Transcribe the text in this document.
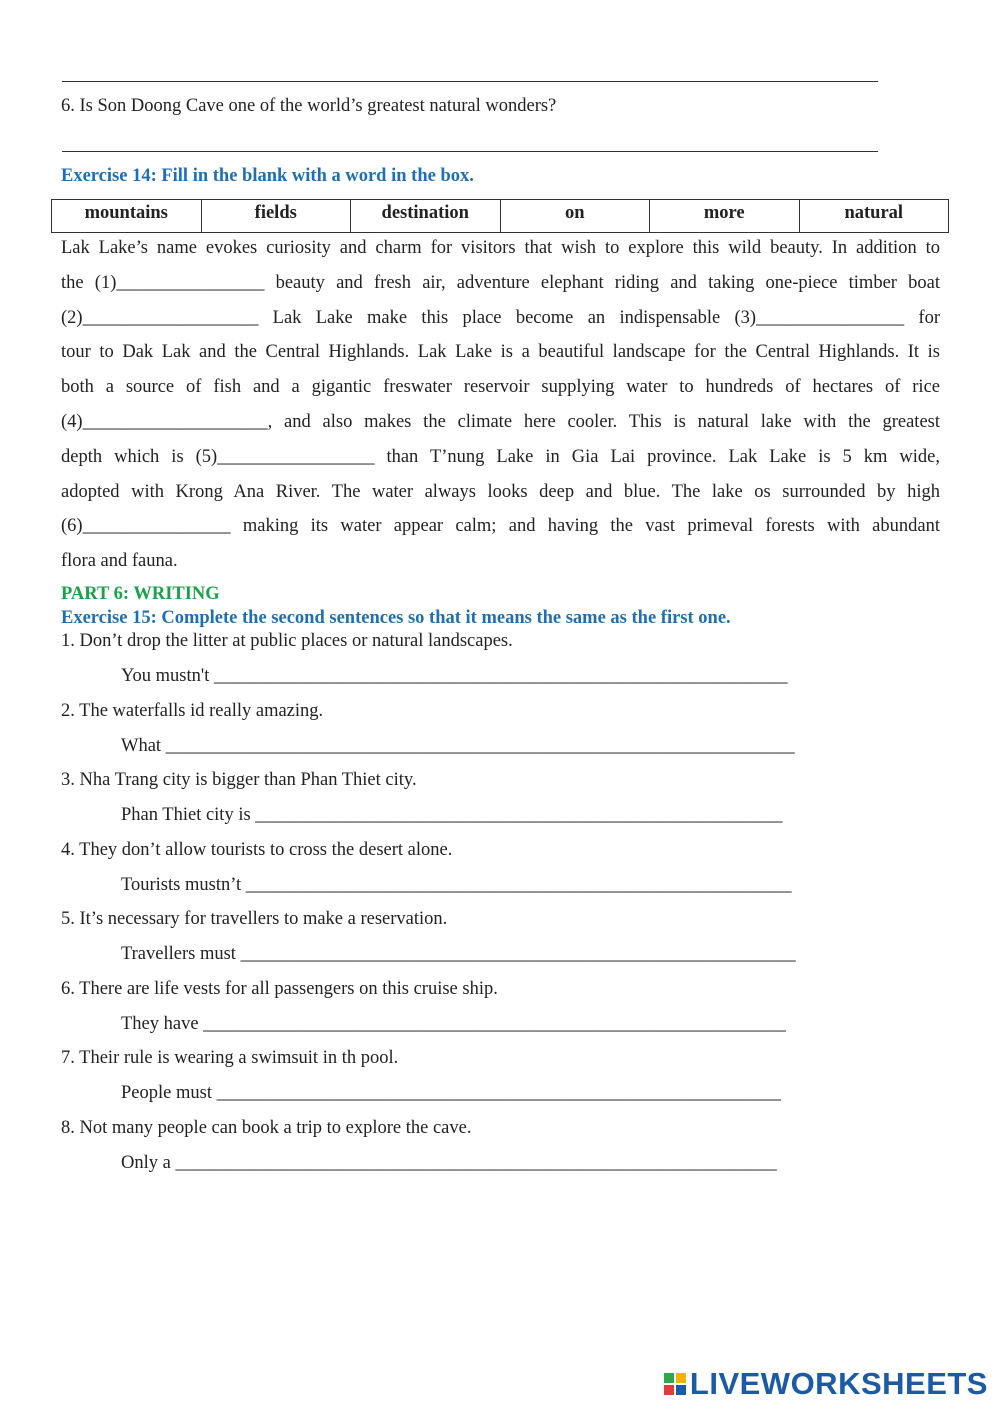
6. Is Son Doong Cave one of the world’s greatest natural wonders?
Exercise 14: Fill in the blank with a word in the box.
mountains	fields	destination	on	more	natural
Lak Lake’s name evokes curiosity and charm for visitors that wish to explore this wild beauty. In addition to
the (1)________________ beauty and fresh air, adventure elephant riding and taking one-piece timber boat
(2)___________________ Lak Lake make this place become an indispensable (3)________________ for
tour to Dak Lak and the Central Highlands. Lak Lake is a beautiful landscape for the Central Highlands. It is
both a source of fish and a gigantic freswater reservoir supplying water to hundreds of hectares of rice
(4)____________________, and also makes the climate here cooler. This is natural lake with the greatest
depth which is (5)_________________ than T’nung Lake in Gia Lai province. Lak Lake is 5 km wide,
adopted with Krong Ana River. The water always looks deep and blue. The lake os surrounded by high
(6)________________ making its water appear calm; and having the vast primeval forests with abundant
flora and fauna.
PART 6: WRITING
Exercise 15: Complete the second sentences so that it means the same as the first one.
1. Don’t drop the litter at public places or natural landscapes.
You mustn't ______________________________________________________________
2. The waterfalls id really amazing.
What ____________________________________________________________________
3. Nha Trang city is bigger than Phan Thiet city.
Phan Thiet city is _________________________________________________________
4. They don’t allow tourists to cross the desert alone.
Tourists mustn’t ___________________________________________________________
5. It’s necessary for travellers to make a reservation.
Travellers must ____________________________________________________________
6. There are life vests for all passengers on this cruise ship.
They have _______________________________________________________________
7. Their rule is wearing a swimsuit in th pool.
People must _____________________________________________________________
8. Not many people can book a trip to explore the cave.
Only a _________________________________________________________________
LIVEWORKSHEETS
